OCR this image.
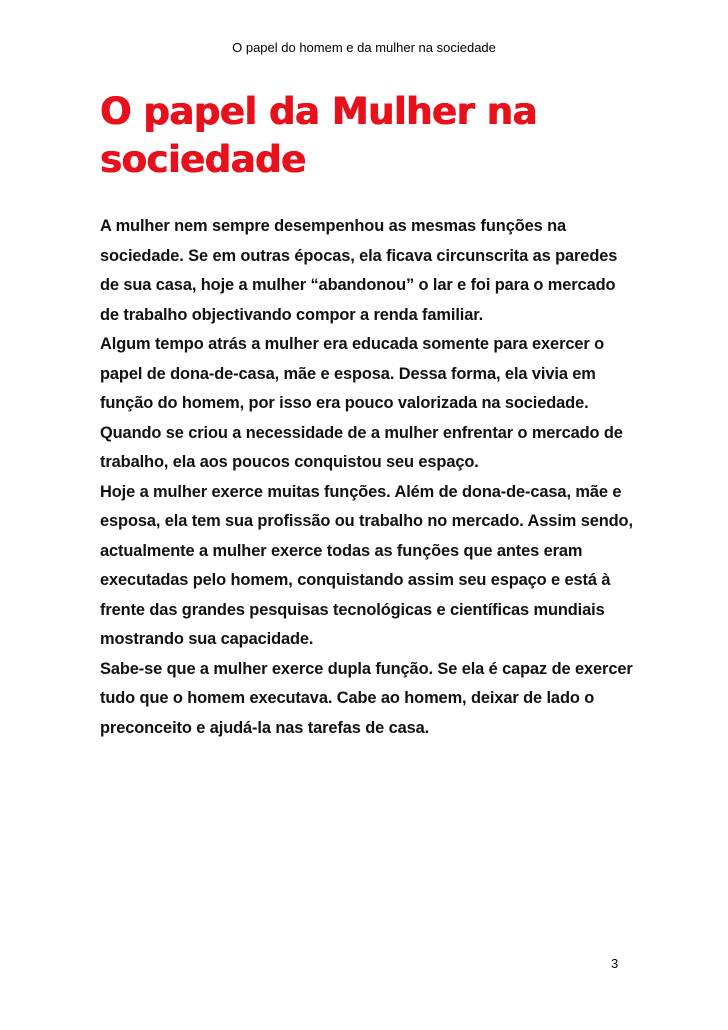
O papel do homem e da mulher na sociedade
O papel da Mulher na sociedade

A mulher nem sempre desempenhou as mesmas funções na sociedade. Se em outras épocas, ela ficava circunscrita as paredes de sua casa, hoje a mulher “abandonou” o lar e foi para o mercado de trabalho objectivando compor a renda familiar.

Algum tempo atrás a mulher era educada somente para exercer o papel de dona-de-casa, mãe e esposa. Dessa forma, ela vivia em função do homem, por isso era pouco valorizada na sociedade. Quando se criou a necessidade de a mulher enfrentar o mercado de trabalho, ela aos poucos conquistou seu espaço.

Hoje a mulher exerce muitas funções. Além de dona-de-casa, mãe e esposa, ela tem sua profissão ou trabalho no mercado. Assim sendo, actualmente a mulher exerce todas as funções que antes eram executadas pelo homem, conquistando assim seu espaço e está à frente das grandes pesquisas tecnológicas e científicas mundiais mostrando sua capacidade.

Sabe-se que a mulher exerce dupla função. Se ela é capaz de exercer tudo que o homem executava. Cabe ao homem, deixar de lado o preconceito e ajudá-la nas tarefas de casa.

3
